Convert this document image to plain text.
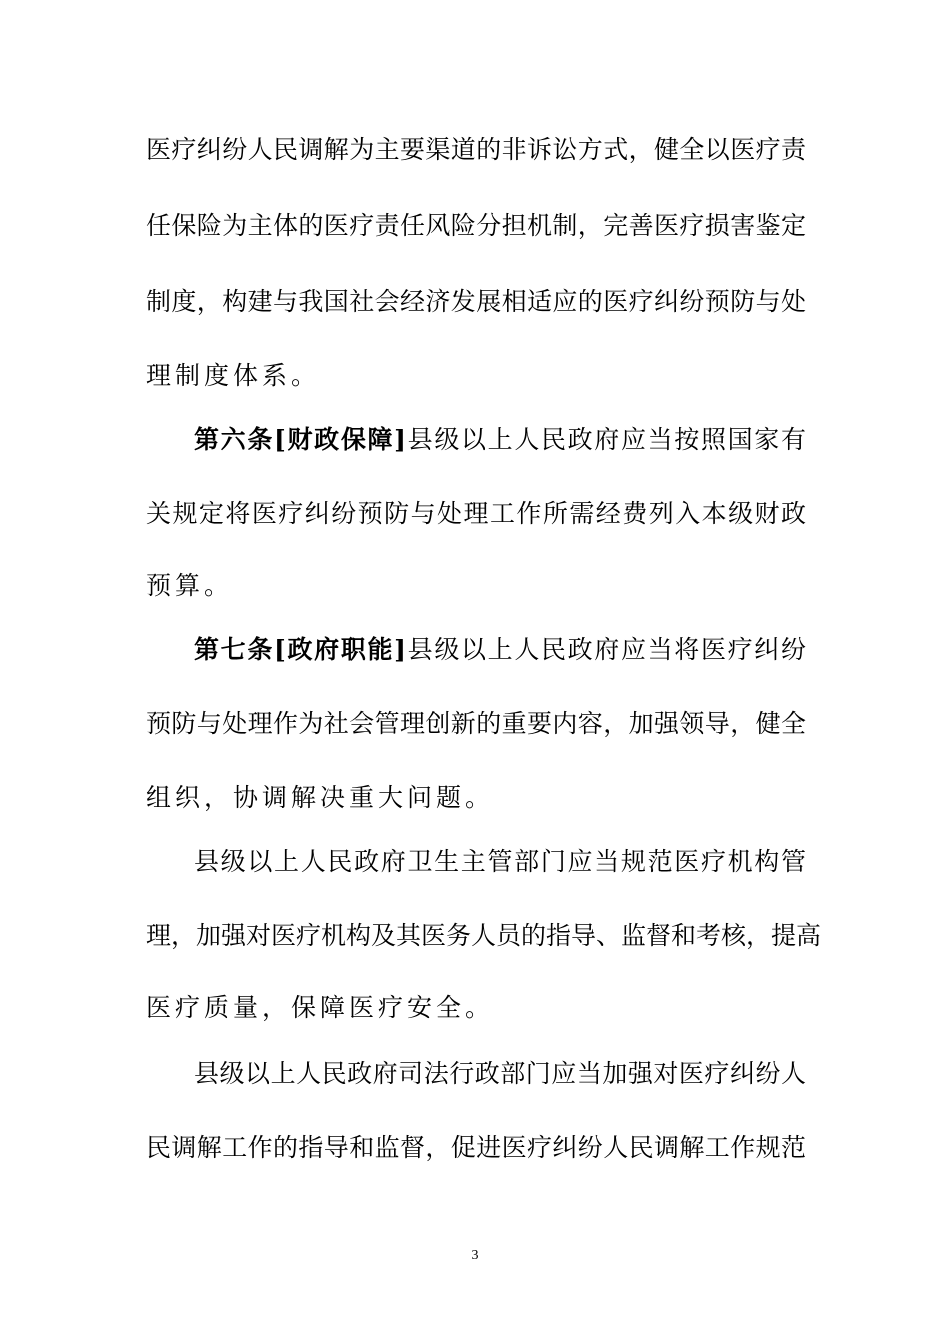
医疗纠纷人民调解为主要渠道的非诉讼方式，健全以医疗责
任保险为主体的医疗责任风险分担机制，完善医疗损害鉴定
制度，构建与我国社会经济发展相适应的医疗纠纷预防与处
理制度体系。
第六条[财政保障]县级以上人民政府应当按照国家有
关规定将医疗纠纷预防与处理工作所需经费列入本级财政
预算。
第七条[政府职能]县级以上人民政府应当将医疗纠纷
预防与处理作为社会管理创新的重要内容，加强领导，健全
组织，协调解决重大问题。
县级以上人民政府卫生主管部门应当规范医疗机构管
理，加强对医疗机构及其医务人员的指导、监督和考核，提高
医疗质量，保障医疗安全。
县级以上人民政府司法行政部门应当加强对医疗纠纷人
民调解工作的指导和监督，促进医疗纠纷人民调解工作规范
3
